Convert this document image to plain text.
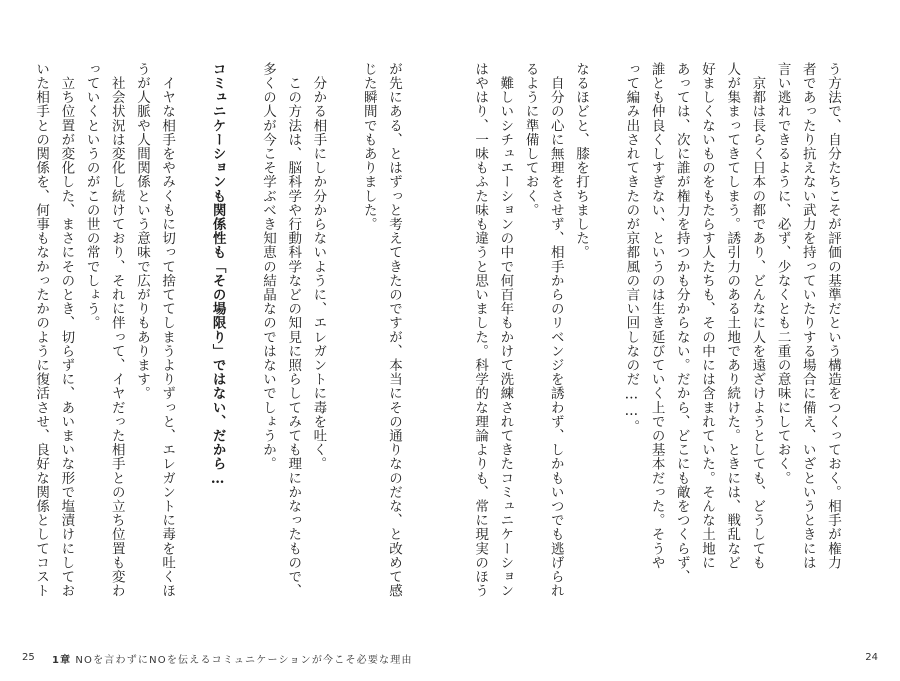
が先にある、とはずっと考えてきたのですが、本当にその通りなのだな、と改めて感
じた瞬間でもありました。

　分かる相手にしか分からないように、エレガントに毒を吐く。
　この方法は、脳科学や行動科学などの知見に照らしてみても理にかなったもので、
多くの人が今こそ学ぶべき知恵の結晶なのではないでしょうか。

コミュニケーションも関係性も「その場限り」ではない、だから…

　イヤな相手をやみくもに切って捨ててしまうよりずっと、エレガントに毒を吐くほ
うが人脈や人間関係という意味で広がりもあります。
　社会状況は変化し続けており、それに伴って、イヤだった相手との立ち位置も変わ
っていくというのがこの世の常でしょう。
　立ち位置が変化した、まさにそのとき、切らずに、あいまいな形で塩漬けにしてお
いた相手との関係を、何事もなかったかのように復活させ、良好な関係としてコスト	う方法で、自分たちこそが評価の基準だという構造をつくっておく。相手が権力
者であったり抗えない武力を持っていたりする場合に備え、いざというときには
言い逃れできるように、必ず、少なくとも二重の意味にしておく。
　京都は長らく日本の都であり、どんなに人を遠ざけようとしても、どうしても
人が集まってきてしまう。誘引力のある土地であり続けた。ときには、戦乱など
好ましくないものをもたらす人たちも、その中には含まれていた。そんな土地に
あっては、次に誰が権力を持つかも分からない。だから、どこにも敵をつくらず、
誰とも仲良くしすぎない、というのは生き延びていく上での基本だった。そうや
って編み出されてきたのが京都風の言い回しなのだ……。

なるほどと、膝を打ちました。
　自分の心に無理をさせず、相手からのリベンジを誘わず、しかもいつでも逃げられ
るように準備しておく。
　難しいシチュエーションの中で何百年もかけて洗練されてきたコミュニケーション
はやはり、一味もふた味も違うと思いました。科学的な理論よりも、常に現実のほう
25 1章 NOを言わずにNOを伝えるコミュニケーションが今こそ必要な理由	24
